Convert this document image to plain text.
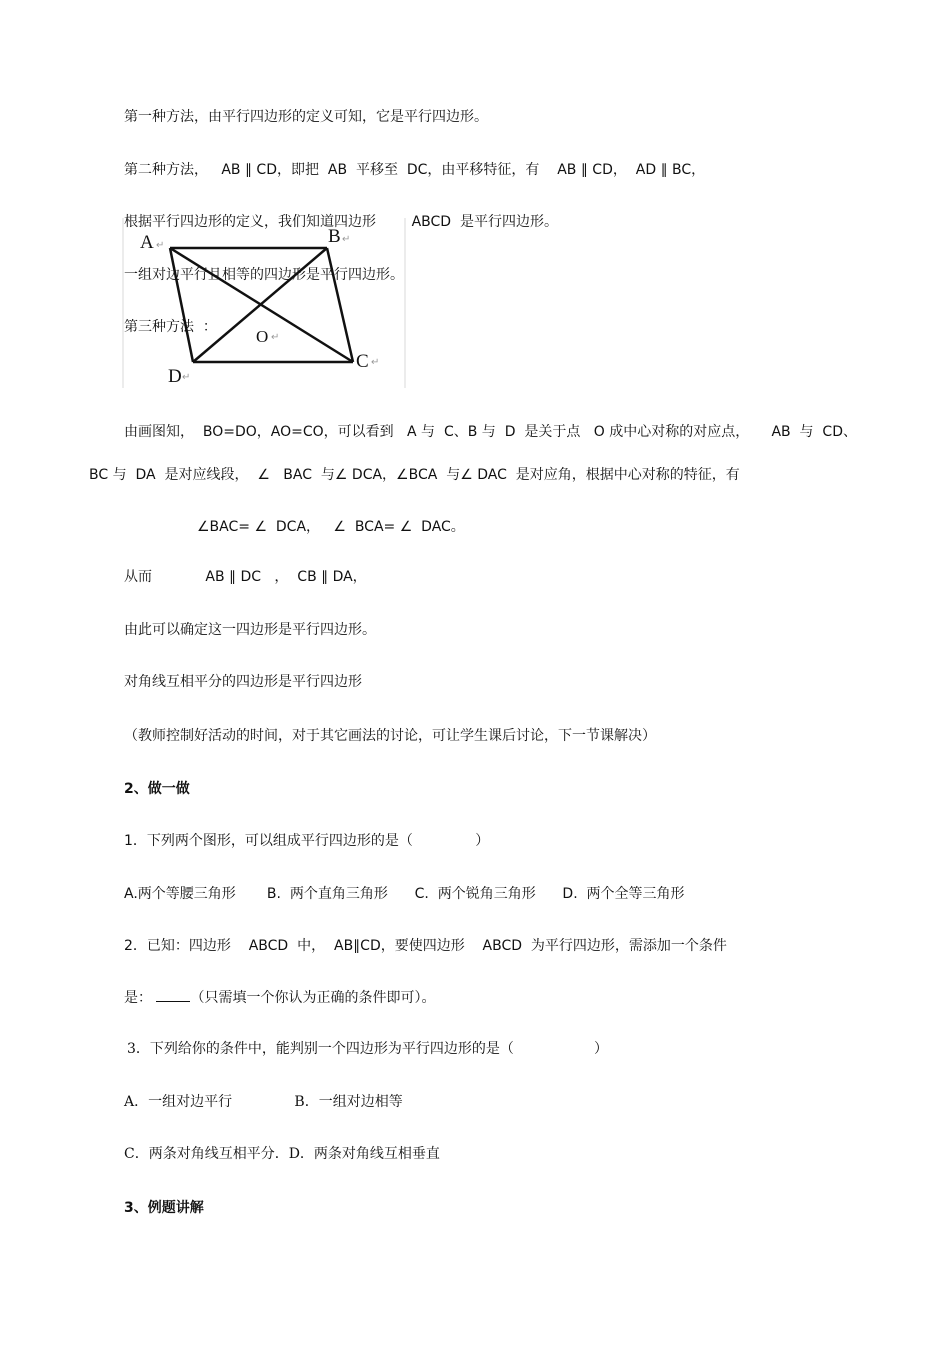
A ↵	B ↵
C ↵
D ↵
O ↵
第一种方法，由平行四边形的定义可知，它是平行四边形。
第二种方法，   AB ∥ CD，即把  AB  平移至  DC，由平移特征，有    AB ∥ CD，  AD ∥ BC，
根据平行四边形的定义，我们知道四边形        ABCD  是平行四边形。
一组对边平行且相等的四边形是平行四边形。
第三种方法  ：
由画图知，  BO=DO，AO=CO，可以看到   A 与  C、B 与  D  是关于点   O 成中心对称的对应点，     AB  与  CD、
BC 与  DA  是对应线段，  ∠   BAC  与∠ DCA，∠BCA  与∠ DAC  是对应角，根据中心对称的特征，有
∠BAC= ∠  DCA，   ∠  BCA= ∠  DAC。
从而            AB ∥ DC   ，  CB ∥ DA，
由此可以确定这一四边形是平行四边形。
对角线互相平分的四边形是平行四边形
（教师控制好活动的时间，对于其它画法的讨论，可让学生课后讨论，下一节课解决）
2、做一做
1．下列两个图形，可以组成平行四边形的是（              ）
A.两个等腰三角形       B.  两个直角三角形      C.  两个锐角三角形      D.  两个全等三角形
2．已知：四边形    ABCD  中，  AB∥CD，要使四边形    ABCD  为平行四边形，需添加一个条件
是：	（只需填一个你认为正确的条件即可）。
3．下列给你的条件中，能判别一个四边形为平行四边形的是（                  ）
A．一组对边平行              B．一组对边相等
C．两条对角线互相平分．D．两条对角线互相垂直
3、例题讲解
